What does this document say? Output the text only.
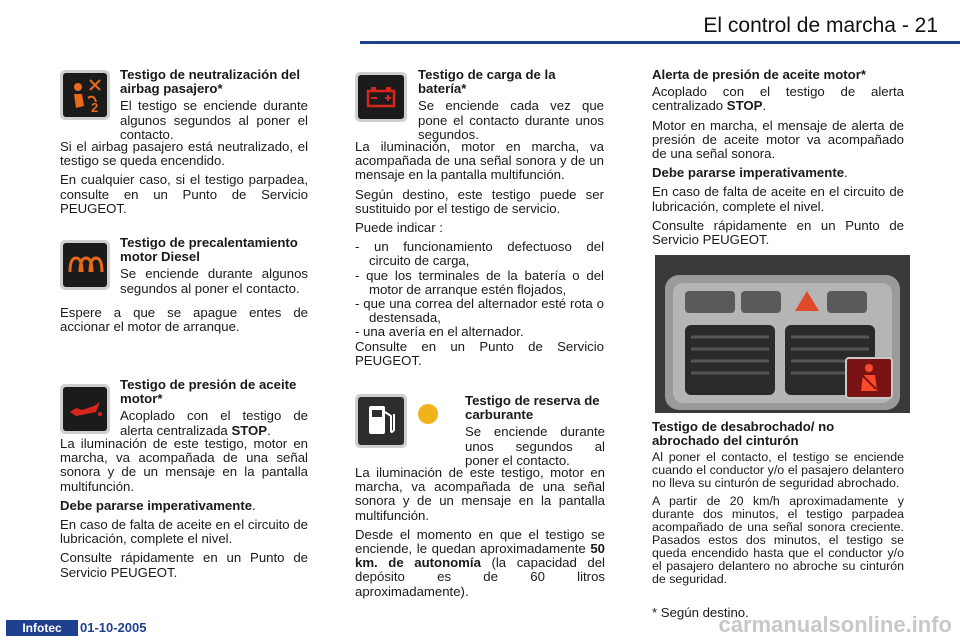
El control de marcha - 21
2

Testigo de neutralización del airbag pasajero*

El testigo se enciende durante algunos segundos al poner el contacto.

Si el airbag pasajero está neutralizado, el testigo se queda encendido.

En cualquier caso, si el testigo parpadea, consulte en un Punto de Servicio PEUGEOT.

Testigo de precalentamiento motor Diesel

Se enciende durante algunos segundos al poner el contacto.

Espere a que se apague entes de accionar el motor de arranque.

Testigo de presión de aceite motor*

Acoplado con el testigo de alerta centralizada STOP.

La iluminación de este testigo, motor en marcha, va acompañada de una señal sonora y de un mensaje en la pantalla multifunción.

Debe pararse imperativamente.

En caso de falta de aceite en el circuito de lubricación, complete el nivel.

Consulte rápidamente en un Punto de Servicio PEUGEOT.

Testigo de carga de la batería*

Se enciende cada vez que pone el contacto durante unos segundos.

La iluminación, motor en marcha, va acompañada de una señal sonora y de un mensaje en la pantalla multifunción.

Según destino, este testigo puede ser sustituido por el testigo de servicio.

Puede indicar :

- un funcionamiento defectuoso del circuito de carga,

- que los terminales de la batería o del motor de arranque estén flojados,

- que una correa del alternador esté rota o destensada,

- una avería en el alternador.

Consulte en un Punto de Servicio PEUGEOT.

Testigo de reserva de carburante

Se enciende durante unos segundos al poner el contacto.

La iluminación de este testigo, motor en marcha, va acompañada de una señal sonora y de un mensaje en la pantalla multifunción.

Desde el momento en que el testigo se enciende, le quedan aproximadamente 50 km. de autonomía (la capacidad del depósito es de 60 litros aproximadamente).

Alerta de presión de aceite motor*

Acoplado con el testigo de alerta centralizado STOP.

Motor en marcha, el mensaje de alerta de presión de aceite motor va acompañado de una señal sonora.

Debe pararse imperativamente.

En caso de falta de aceite en el circuito de lubricación, complete el nivel.

Consulte rápidamente en un Punto de Servicio PEUGEOT.

Testigo de desabrochado/ no abrochado del cinturón

Al poner el contacto, el testigo se enciende cuando el conductor y/o el pasajero delantero no lleva su cinturón de seguridad abrochado.

A partir de 20 km/h aproximadamente y durante dos minutos, el testigo parpadea acompañado de una señal sonora creciente. Pasados estos dos minutos, el testigo se queda encendido hasta que el conductor y/o el pasajero delantero no abroche su cinturón de seguridad.

* Según destino.

Infotec	01-10-2005	carmanualsonline.info
